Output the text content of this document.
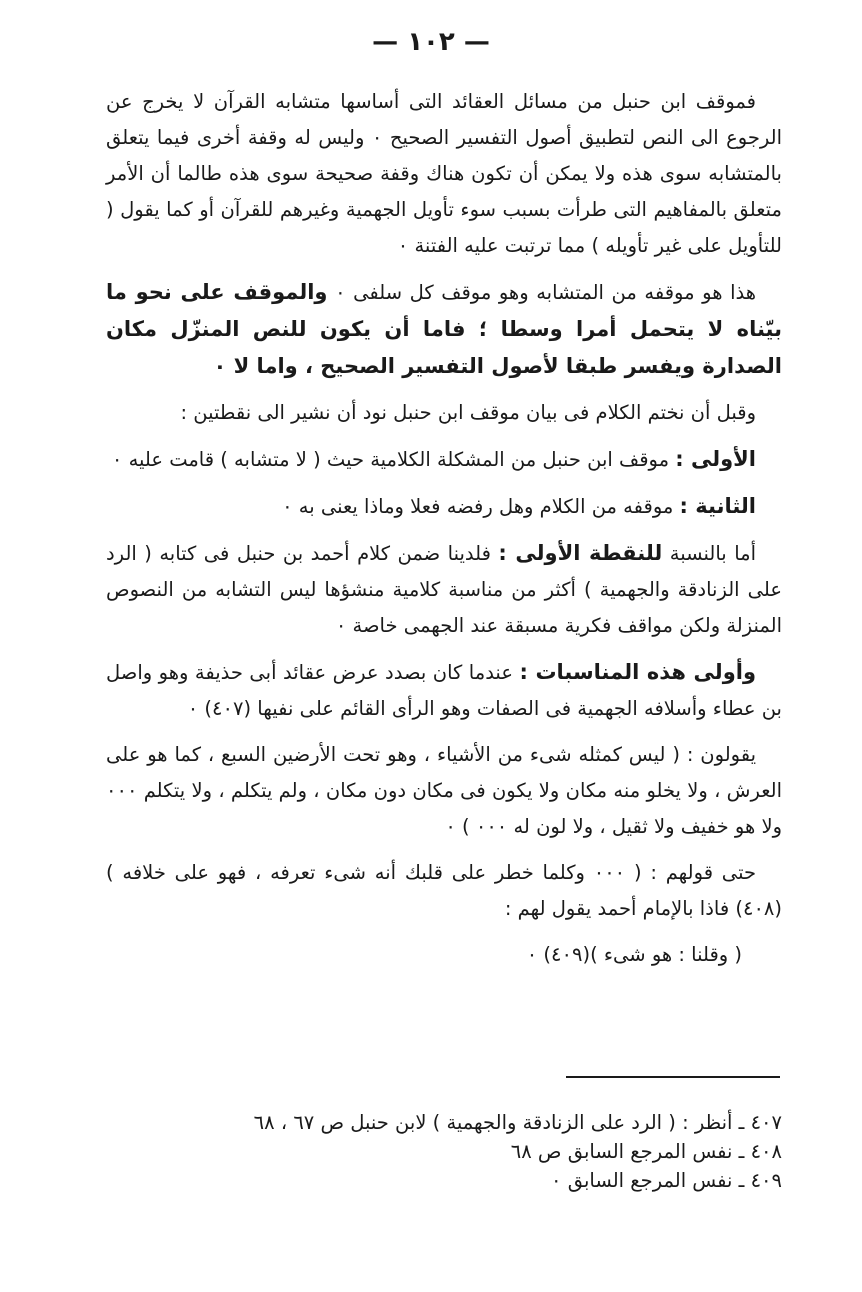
— ١٠٢ —

فموقف ابن حنبل من مسائل العقائد التى أساسها متشابه القرآن لا يخرج عن الرجوع الى النص لتطبيق أصول التفسير الصحيح ٠ وليس له وقفة أخرى فيما يتعلق بالمتشابه سوى هذه ولا يمكن أن تكون هناك وقفة صحيحة سوى هذه طالما أن الأمر متعلق بالمفاهيم التى طرأت بسبب سوء تأويل الجهمية وغيرهم للقرآن أو كما يقول ( للتأويل على غير تأويله ) مما ترتبت عليه الفتنة ٠

هذا هو موقفه من المتشابه وهو موقف كل سلفى ٠ والموقف على نحو ما بيّناه لا يتحمل أمرا وسطا ؛ فاما أن يكون للنص المنزّل مكان الصدارة ويفسر طبقا لأصول التفسير الصحيح ، واما لا ٠

وقبل أن نختم الكلام فى بيان موقف ابن حنبل نود أن نشير الى نقطتين :

الأولى : موقف ابن حنبل من المشكلة الكلامية حيث ( لا متشابه ) قامت عليه ٠

الثانية : موقفه من الكلام وهل رفضه فعلا وماذا يعنى به ٠

أما بالنسبة للنقطة الأولى : فلدينا ضمن كلام أحمد بن حنبل فى كتابه ( الرد على الزنادقة والجهمية ) أكثر من مناسبة كلامية منشؤها ليس التشابه من النصوص المنزلة ولكن مواقف فكرية مسبقة عند الجهمى خاصة ٠

وأولى هذه المناسبات : عندما كان بصدد عرض عقائد أبى حذيفة وهو واصل بن عطاء وأسلافه الجهمية فى الصفات وهو الرأى القائم على نفيها (٤٠٧) ٠

يقولون : ( ليس كمثله شىء من الأشياء ، وهو تحت الأرضين السبع ، كما هو على العرش ، ولا يخلو منه مكان ولا يكون فى مكان دون مكان ، ولم يتكلم ، ولا يتكلم ٠٠٠ ولا هو خفيف ولا ثقيل ، ولا لون له ٠٠٠ ) ٠

حتى قولهم : ( ٠٠٠ وكلما خطر على قلبك أنه شىء تعرفه ، فهو على خلافه )(٤٠٨) فاذا بالإمام أحمد يقول لهم :

( وقلنا : هو شىء )(٤٠٩) ٠

٤٠٧ ـ أنظر : ( الرد على الزنادقة والجهمية ) لابن حنبل ص ٦٧ ، ٦٨

٤٠٨ ـ نفس المرجع السابق ص ٦٨

٤٠٩ ـ نفس المرجع السابق ٠
